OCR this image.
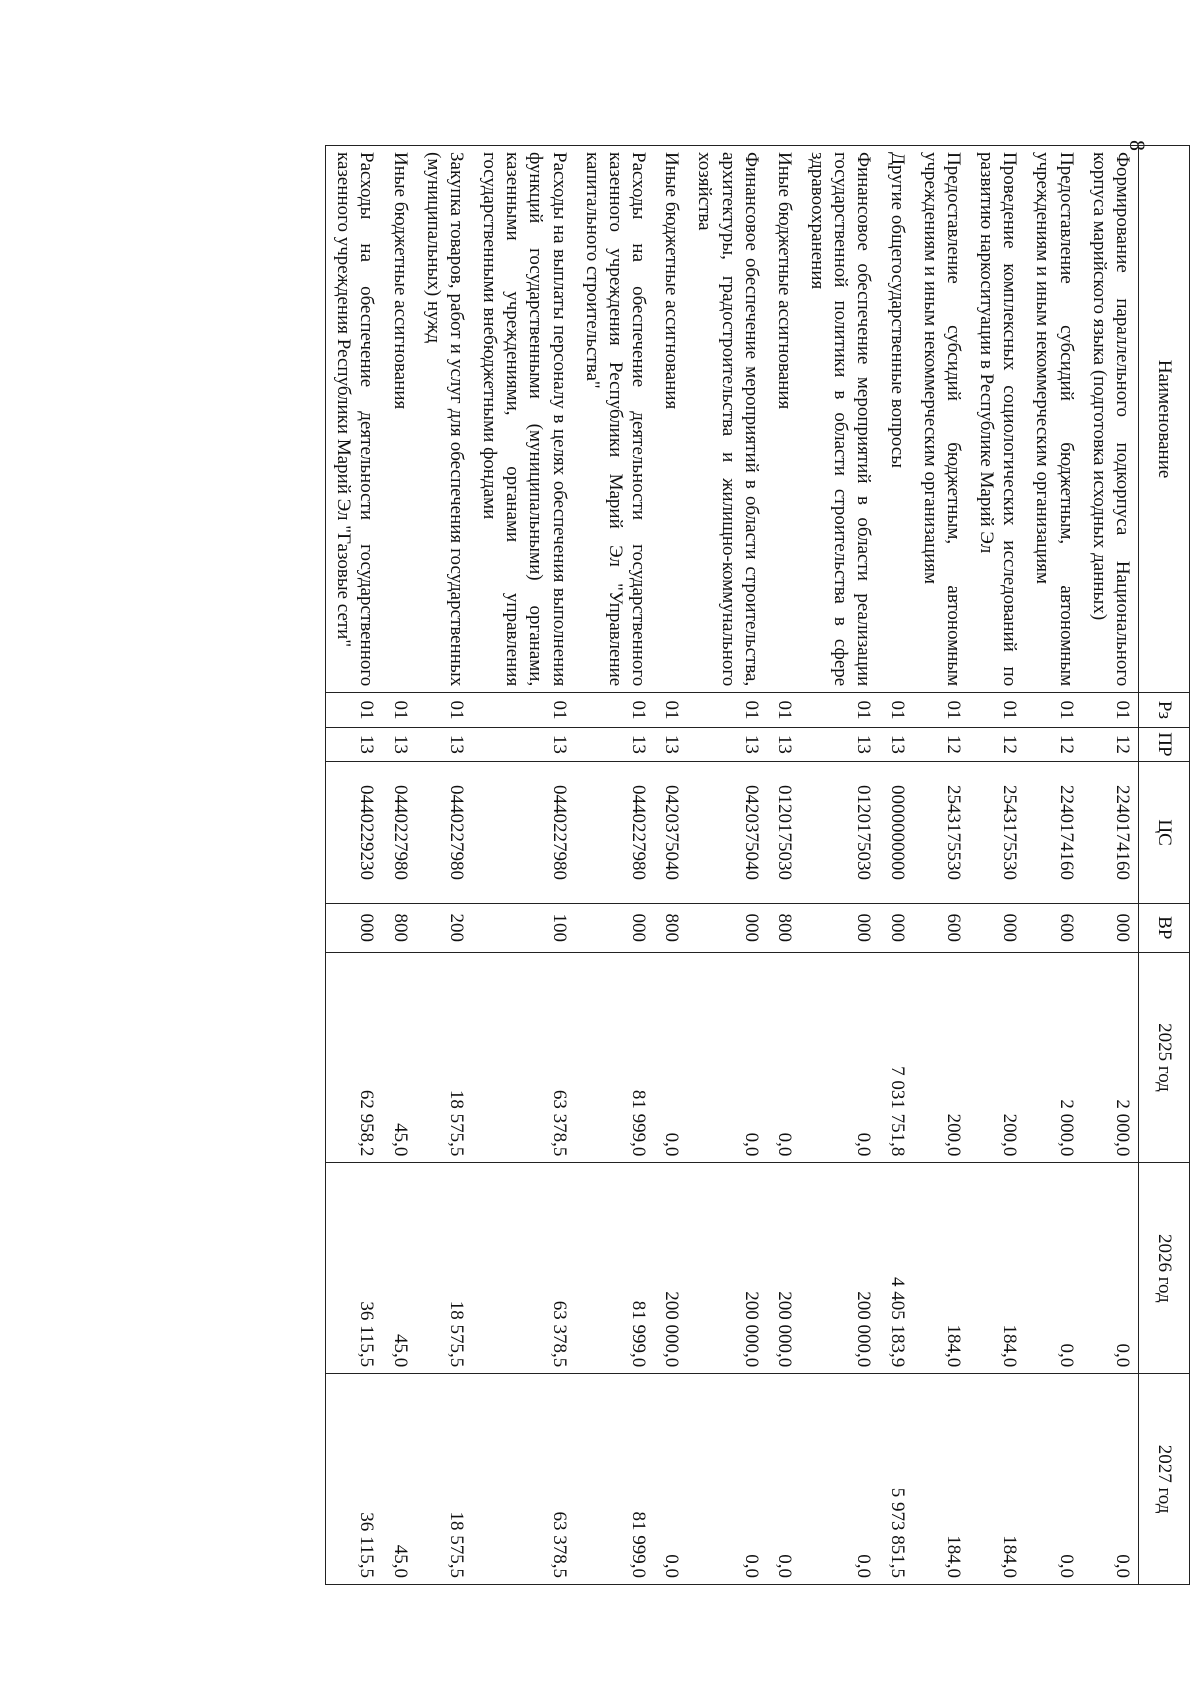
8
Наименование	Рз	ПР	ЦС	ВР	2025 год	2026 год	2027 год
Формирование параллельного подкорпуса Национального корпуса марийского языка (подготовка исходных данных)	01	12	2240174160	000	2 000,0	0,0	0,0
Предоставление субсидий бюджетным, автономным учреждениям и иным некоммерческим организациям	01	12	2240174160	600	2 000,0	0,0	0,0
Проведение комплексных социологических исследований по развитию наркоситуации в Республике Марий Эл	01	12	2543175530	000	200,0	184,0	184,0
Предоставление субсидий бюджетным, автономным учреждениям и иным некоммерческим организациям	01	12	2543175530	600	200,0	184,0	184,0
Другие общегосударственные вопросы	01	13	0000000000	000	7 031 751,8	4 405 183,9	5 973 851,5
Финансовое обеспечение мероприятий в области реализации государственной политики в области строительства в сфере здравоохранения	01	13	0120175030	000	0,0	200 000,0	0,0
Иные бюджетные ассигнования	01	13	0120175030	800	0,0	200 000,0	0,0
Финансовое обеспечение мероприятий в области строительства, архитектуры, градостроительства и жилищно-коммунального хозяйства	01	13	0420375040	000	0,0	200 000,0	0,0
Иные бюджетные ассигнования	01	13	0420375040	800	0,0	200 000,0	0,0
Расходы на обеспечение деятельности государственного казенного учреждения Республики Марий Эл "Управление капитального строительства"	01	13	0440227980	000	81 999,0	81 999,0	81 999,0
Расходы на выплаты персоналу в целях обеспечения выполнения функций государственными (муниципальными) органами, казенными учреждениями, органами управления государственными внебюджетными фондами	01	13	0440227980	100	63 378,5	63 378,5	63 378,5
Закупка товаров, работ и услуг для обеспечения государственных (муниципальных) нужд	01	13	0440227980	200	18 575,5	18 575,5	18 575,5
Иные бюджетные ассигнования	01	13	0440227980	800	45,0	45,0	45,0
Расходы на обеспечение деятельности государственного казенного учреждения Республики Марий Эл "Газовые сети"	01	13	0440229230	000	62 958,2	36 115,5	36 115,5
